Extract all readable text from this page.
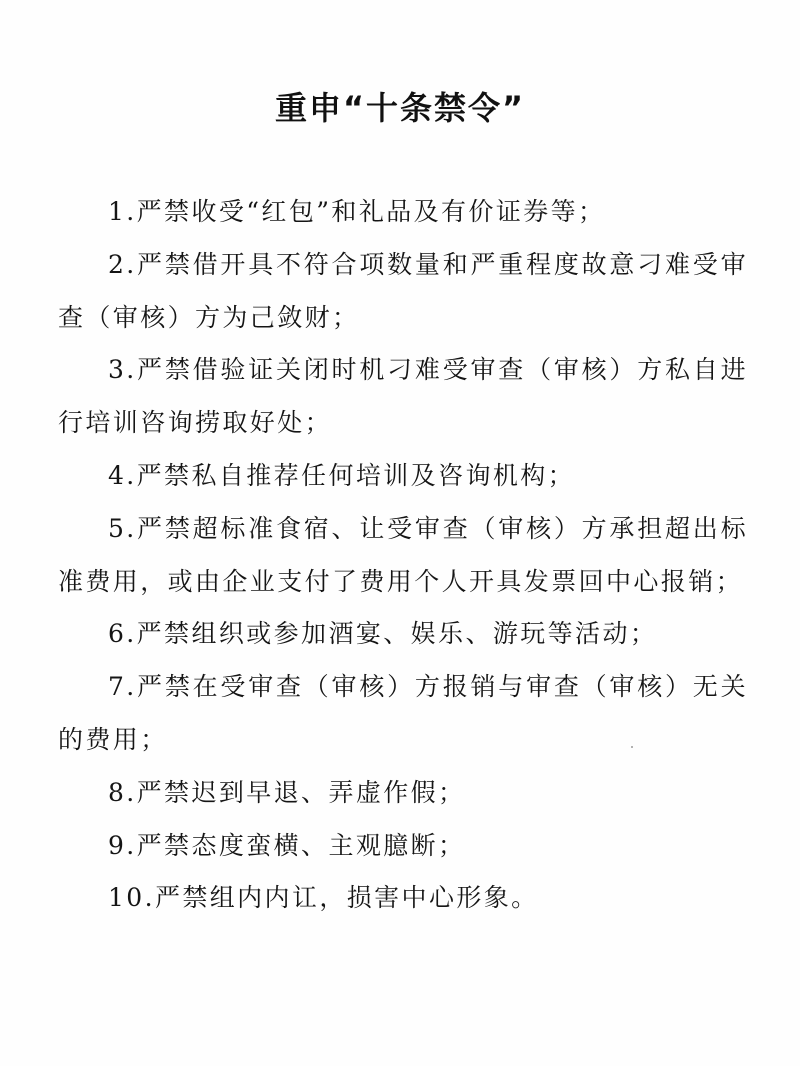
重申“十条禁令”

1.严禁收受“红包”和礼品及有价证券等；

2.严禁借开具不符合项数量和严重程度故意刁难受审查（审核）方为己敛财；

3.严禁借验证关闭时机刁难受审查（审核）方私自进行培训咨询捞取好处；

4.严禁私自推荐任何培训及咨询机构；

5.严禁超标准食宿、让受审查（审核）方承担超出标准费用，或由企业支付了费用个人开具发票回中心报销；

6.严禁组织或参加酒宴、娱乐、游玩等活动；

7.严禁在受审查（审核）方报销与审查（审核）无关的费用；

8.严禁迟到早退、弄虚作假；

9.严禁态度蛮横、主观臆断；

10.严禁组内内讧，损害中心形象。
